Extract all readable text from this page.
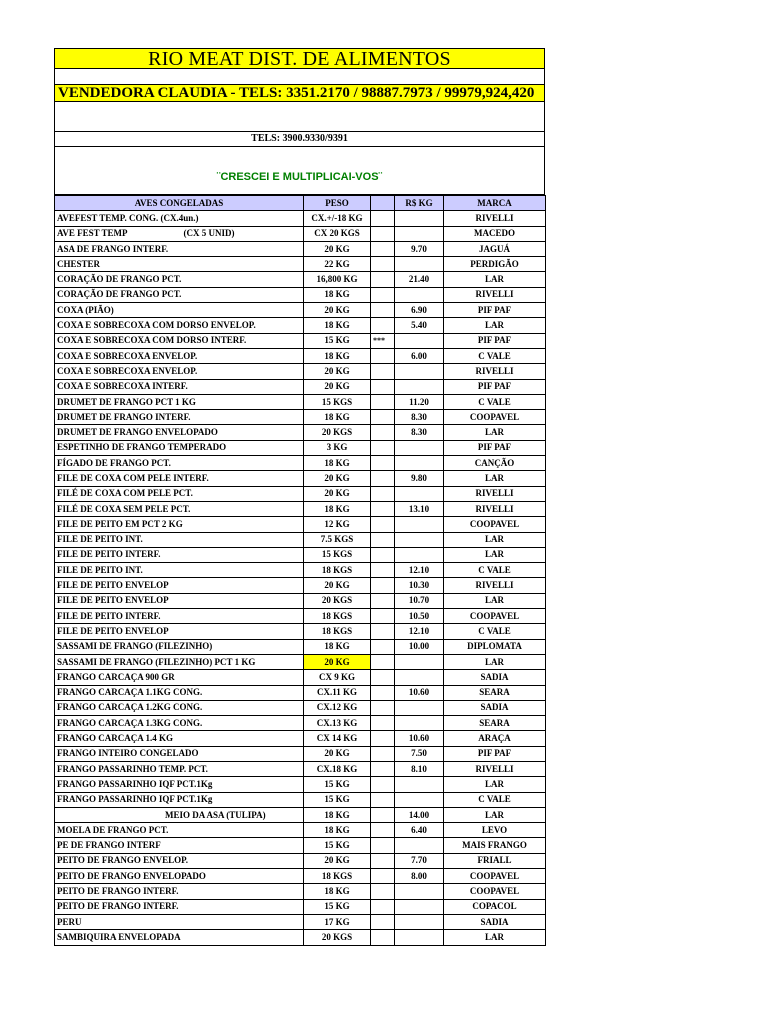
RIO MEAT DIST. DE ALIMENTOS
VENDEDORA CLAUDIA - TELS: 3351.2170 / 98887.7973 / 99979,924,420
TELS: 3900.9330/9391
¨CRESCEI E MULTIPLICAI-VOS¨
AVES CONGELADAS	PESO		R$ KG	MARCA
AVEFEST TEMP. CONG. (CX.4un.)	CX.+/-18 KG			RIVELLI
AVE FEST TEMP (CX 5 UNID)	CX 20 KGS			MACEDO
ASA DE FRANGO INTERF.	20 KG		9.70	JAGUÁ
CHESTER	22 KG			PERDIGÃO
CORAÇÃO DE FRANGO PCT.	16,800 KG		21.40	LAR
CORAÇÃO DE FRANGO PCT.	18 KG			RIVELLI
COXA (PIÃO)	20 KG		6.90	PIF PAF
COXA E SOBRECOXA COM DORSO ENVELOP.	18 KG		5.40	LAR
COXA E SOBRECOXA COM DORSO INTERF.	15 KG	***		PIF PAF
COXA E SOBRECOXA ENVELOP.	18 KG		6.00	C VALE
COXA E SOBRECOXA ENVELOP.	20 KG			RIVELLI
COXA E SOBRECOXA INTERF.	20 KG			PIF PAF
DRUMET DE FRANGO PCT 1 KG	15 KGS		11.20	C VALE
DRUMET DE FRANGO INTERF.	18 KG		8.30	COOPAVEL
DRUMET DE FRANGO ENVELOPADO	20 KGS		8.30	LAR
ESPETINHO DE FRANGO TEMPERADO	3 KG			PIF PAF
FÍGADO DE FRANGO PCT.	18 KG			CANÇÃO
FILE DE COXA COM PELE INTERF.	20 KG		9.80	LAR
FILÉ DE COXA COM PELE PCT.	20 KG			RIVELLI
FILÉ DE COXA SEM PELE PCT.	18 KG		13.10	RIVELLI
FILE DE PEITO EM PCT 2 KG	12 KG			COOPAVEL
FILE DE PEITO INT.	7.5 KGS			LAR
FILE DE PEITO INTERF.	15 KGS			LAR
FILE DE PEITO INT.	18 KGS		12.10	C VALE
FILE DE PEITO ENVELOP	20 KG		10.30	RIVELLI
FILE DE PEITO ENVELOP	20 KGS		10.70	LAR
FILE DE PEITO INTERF.	18 KGS		10.50	COOPAVEL
FILE DE PEITO ENVELOP	18 KGS		12.10	C VALE
SASSAMI DE FRANGO (FILEZINHO)	18 KG		10.00	DIPLOMATA
SASSAMI DE FRANGO (FILEZINHO) PCT 1 KG	20 KG			LAR
FRANGO CARCAÇA 900 GR	CX 9 KG			SADIA
FRANGO CARCAÇA 1.1KG CONG.	CX.11 KG		10.60	SEARA
FRANGO CARCAÇA 1.2KG CONG.	CX.12 KG			SADIA
FRANGO CARCAÇA 1.3KG CONG.	CX.13 KG			SEARA
FRANGO CARCAÇA 1.4 KG	CX 14 KG		10.60	ARAÇA
FRANGO INTEIRO CONGELADO	20 KG		7.50	PIF PAF
FRANGO PASSARINHO TEMP. PCT.	CX.18 KG		8.10	RIVELLI
FRANGO PASSARINHO IQF PCT.1Kg	15 KG			LAR
FRANGO PASSARINHO IQF PCT.1Kg	15 KG			C VALE
MEIO DA ASA (TULIPA)	18 KG		14.00	LAR
MOELA DE FRANGO PCT.	18 KG		6.40	LEVO
PE DE FRANGO INTERF	15 KG			MAIS FRANGO
PEITO DE FRANGO ENVELOP.	20 KG		7.70	FRIALL
PEITO DE FRANGO ENVELOPADO	18 KGS		8.00	COOPAVEL
PEITO DE FRANGO INTERF.	18 KG			COOPAVEL
PEITO DE FRANGO INTERF.	15 KG			COPACOL
PERU	17 KG			SADIA
SAMBIQUIRA ENVELOPADA	20 KGS			LAR
